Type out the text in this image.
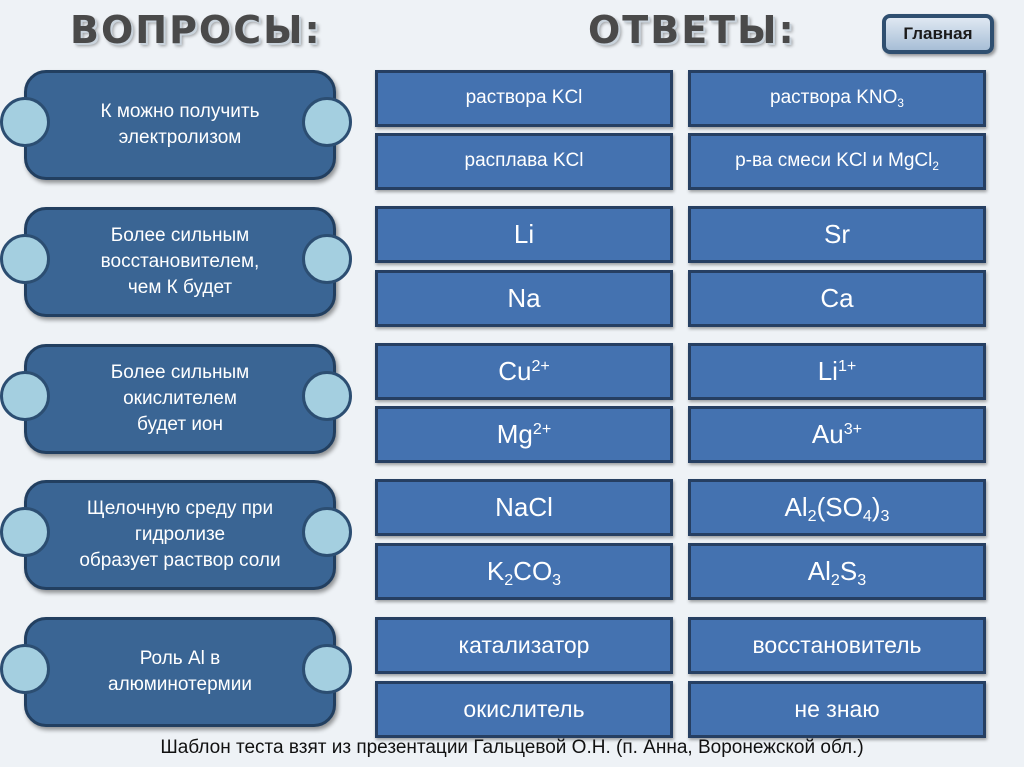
ВОПРОСЫ:	ОТВЕТЫ:	Главная
К можно получить
электролизом
Более сильным
восстановителем,
чем К будет
Более сильным
окислителем
будет ион
Щелочную среду при
гидролизе
образует раствор соли
Роль Al в
алюминотермии
раствора KCl	раствора $KNO_3$
расплава KCl	р-ва смеси KCl и MgCl$_2$
Li	Sr
Na	Ca
$Cu^{2+}$	$Li^{1+}$
$Mg^{2+}$	$Au^{3+}$
NaCl	$Al_2(SO_4)_3$
$K_2CO_3$	$Al_2S_3$
катализатор	восстановитель
окислитель	не знаю
Шаблон теста взят из презентации Гальцевой О.Н. (п. Анна, Воронежской обл.)
